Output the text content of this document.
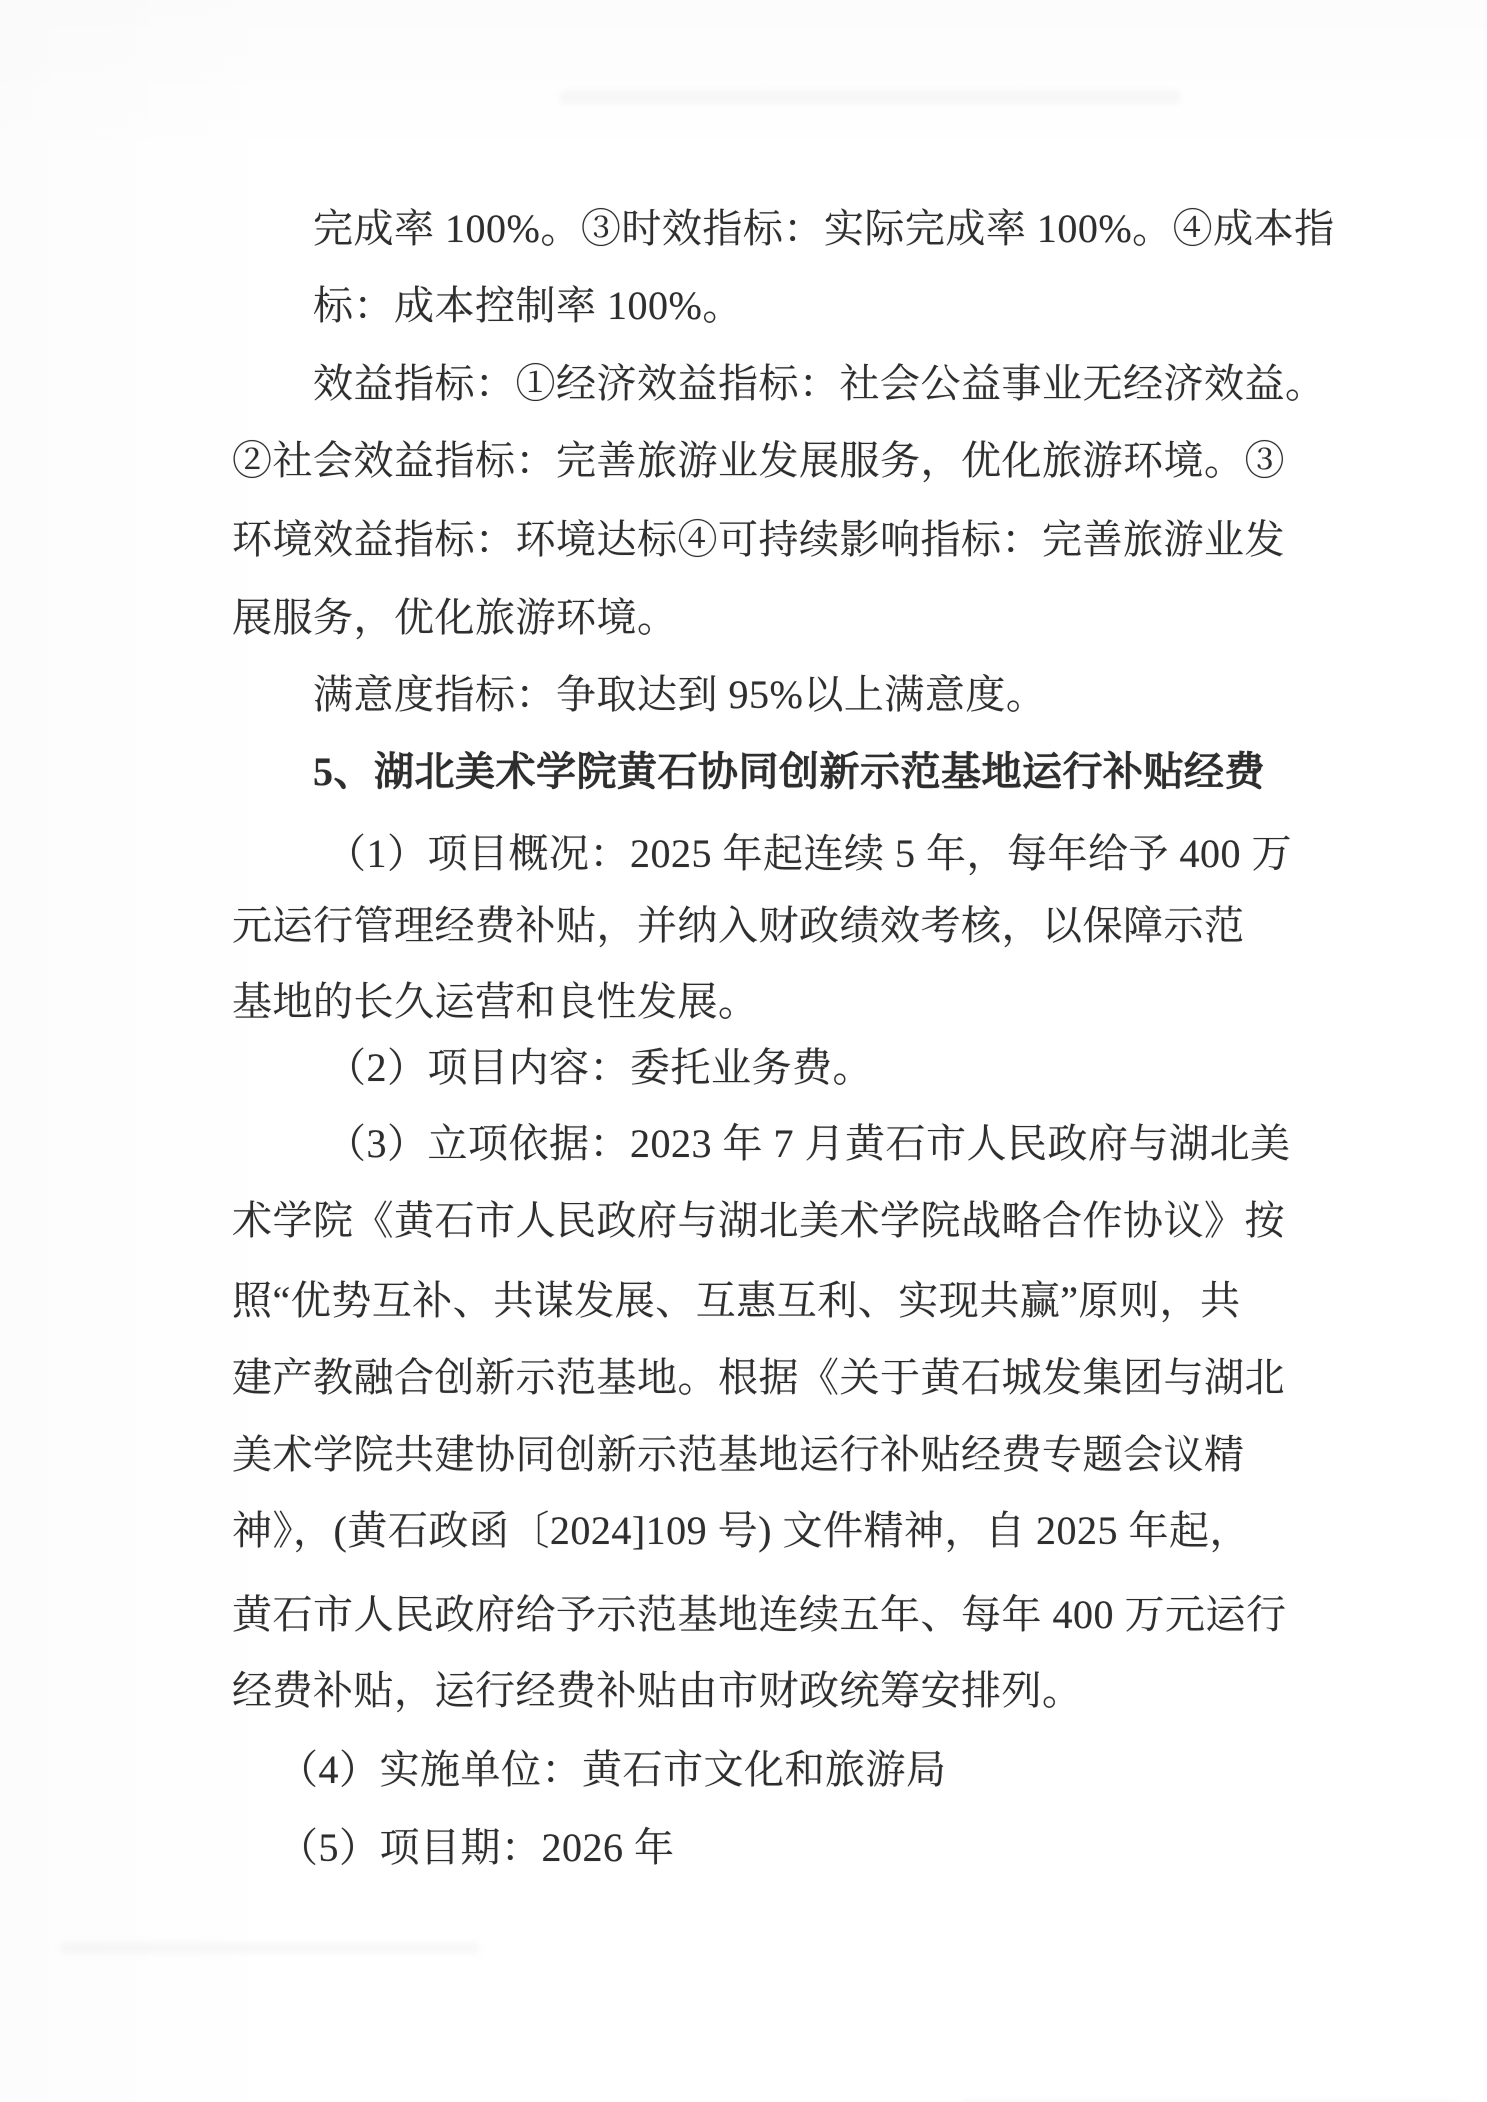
完成率 100%。③时效指标：实际完成率 100%。④成本指
标：成本控制率 100%。
效益指标：①经济效益指标：社会公益事业无经济效益。
②社会效益指标：完善旅游业发展服务，优化旅游环境。③
环境效益指标：环境达标④可持续影响指标：完善旅游业发
展服务，优化旅游环境。
满意度指标：争取达到 95%以上满意度。
5、湖北美术学院黄石协同创新示范基地运行补贴经费
（1）项目概况：2025 年起连续 5 年，每年给予 400 万
元运行管理经费补贴，并纳入财政绩效考核，以保障示范
基地的长久运营和良性发展。
（2）项目内容：委托业务费。
（3）立项依据：2023 年 7 月黄石市人民政府与湖北美
术学院《黄石市人民政府与湖北美术学院战略合作协议》按
照“优势互补、共谋发展、互惠互利、实现共赢”原则，共
建产教融合创新示范基地。根据《关于黄石城发集团与湖北
美术学院共建协同创新示范基地运行补贴经费专题会议精
神》，(黄石政函〔2024]109 号) 文件精神，自 2025 年起，
黄石市人民政府给予示范基地连续五年、每年 400 万元运行
经费补贴，运行经费补贴由市财政统筹安排列。
（4）实施单位：黄石市文化和旅游局
（5）项目期：2026 年
